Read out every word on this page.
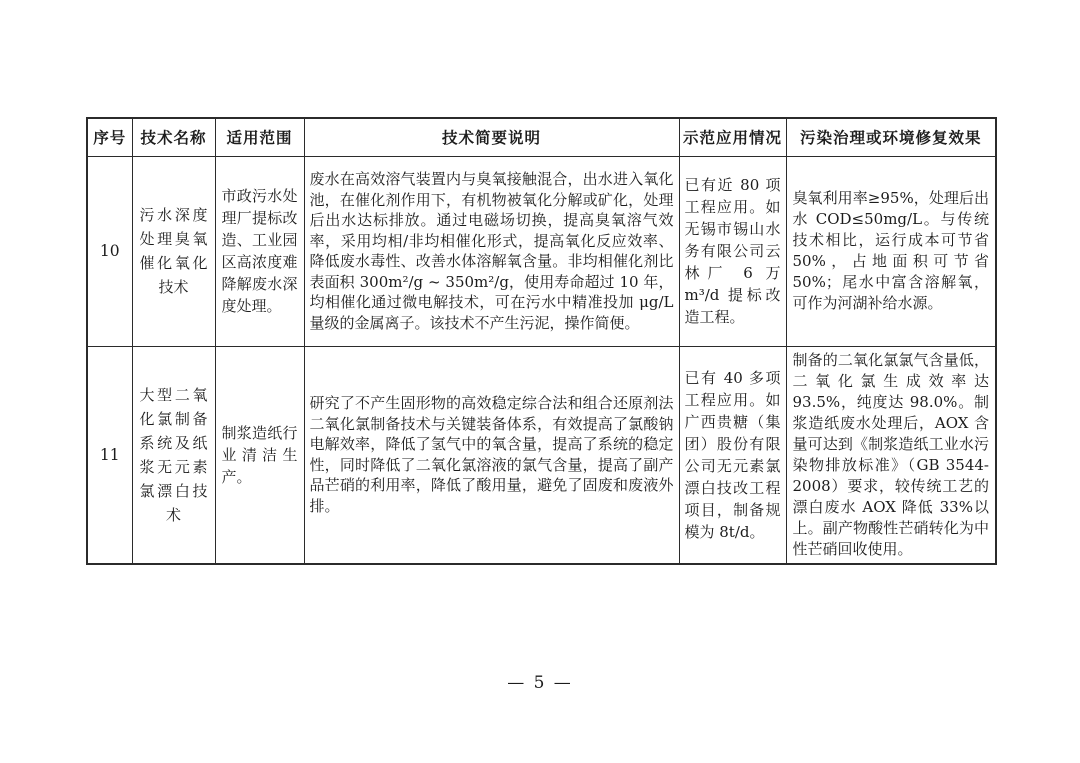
序号	技术名称	适用范围	技术简要说明	示范应用情况	污染治理或环境修复效果
10	污水深度处理臭氧催化氧化技术	市政污水处理厂提标改造、工业园区高浓度难降解废水深度处理。	废水在高效溶气装置内与臭氧接触混合，出水进入氧化池，在催化剂作用下，有机物被氧化分解或矿化，处理后出水达标排放。通过电磁场切换，提高臭氧溶气效率，采用均相/非均相催化形式，提高氧化反应效率、降低废水毒性、改善水体溶解氧含量。非均相催化剂比表面积 300m²/g ~ 350m²/g，使用寿命超过 10 年，均相催化通过微电解技术，可在污水中精准投加 μg/L 量级的金属离子。该技术不产生污泥，操作简便。	已有近 80 项工程应用。如无锡市锡山水务有限公司云林厂 6 万 m³/d 提标改造工程。	臭氧利用率≥95%，处理后出水 COD≤50mg/L。与传统技术相比，运行成本可节省 50%，占地面积可节省 50%；尾水中富含溶解氧，可作为河湖补给水源。
11	大型二氧化氯制备系统及纸浆无元素氯漂白技术	制浆造纸行业清洁生产。	研究了不产生固形物的高效稳定综合法和组合还原剂法二氧化氯制备技术与关键装备体系，有效提高了氯酸钠电解效率，降低了氢气中的氧含量，提高了系统的稳定性，同时降低了二氧化氯溶液的氯气含量，提高了副产品芒硝的利用率，降低了酸用量，避免了固废和废液外排。	已有 40 多项工程应用。如广西贵糖（集团）股份有限公司无元素氯漂白技改工程项目，制备规模为 8t/d。	制备的二氧化氯氯气含量低，二氧化氯生成效率达 93.5%，纯度达 98.0%。制浆造纸废水处理后，AOX 含量可达到《制浆造纸工业水污染物排放标准》（GB 3544-2008）要求，较传统工艺的漂白废水 AOX 降低 33%以上。副产物酸性芒硝转化为中性芒硝回收使用。
— 5 —
